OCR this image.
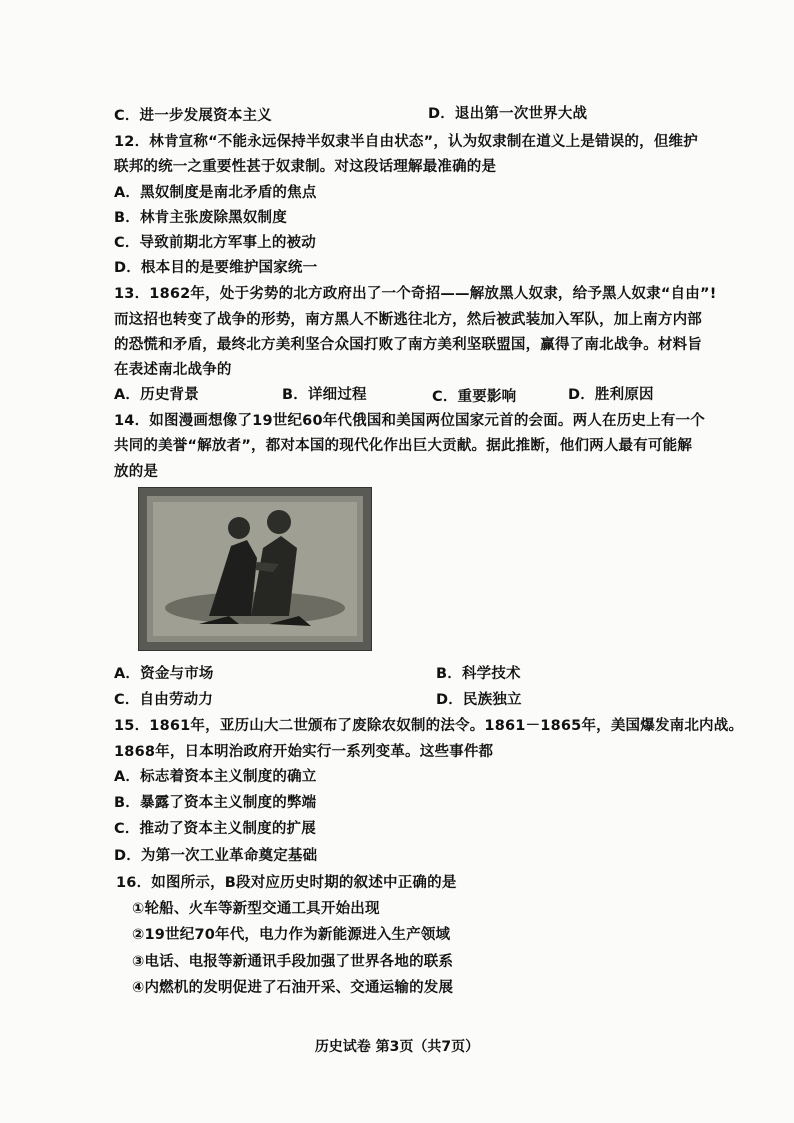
C．进一步发展资本主义	D．退出第一次世界大战
12．林肯宣称“不能永远保持半奴隶半自由状态”，认为奴隶制在道义上是错误的，但维护
联邦的统一之重要性甚于奴隶制。对这段话理解最准确的是
A．黑奴制度是南北矛盾的焦点
B．林肯主张废除黑奴制度
C．导致前期北方军事上的被动
D．根本目的是要维护国家统一
13．1862年，处于劣势的北方政府出了一个奇招——解放黑人奴隶，给予黑人奴隶“自由”!
而这招也转变了战争的形势，南方黑人不断逃往北方，然后被武装加入军队，加上南方内部
的恐慌和矛盾，最终北方美利坚合众国打败了南方美利坚联盟国，赢得了南北战争。材料旨
在表述南北战争的
A．历史背景	B．详细过程	C．重要影响	D．胜利原因
14．如图漫画想像了19世纪60年代俄国和美国两位国家元首的会面。两人在历史上有一个
共同的美誉“解放者”，都对本国的现代化作出巨大贡献。据此推断，他们两人最有可能解
放的是
A．资金与市场	B．科学技术
C．自由劳动力	D．民族独立
15．1861年，亚历山大二世颁布了废除农奴制的法令。1861－1865年，美国爆发南北内战。
1868年，日本明治政府开始实行一系列变革。这些事件都
A．标志着资本主义制度的确立
B．暴露了资本主义制度的弊端
C．推动了资本主义制度的扩展
D．为第一次工业革命奠定基础
16．如图所示，B段对应历史时期的叙述中正确的是
①轮船、火车等新型交通工具开始出现
②19世纪70年代，电力作为新能源进入生产领域
③电话、电报等新通讯手段加强了世界各地的联系
④内燃机的发明促进了石油开采、交通运输的发展
历史试卷 第3页（共7页）
